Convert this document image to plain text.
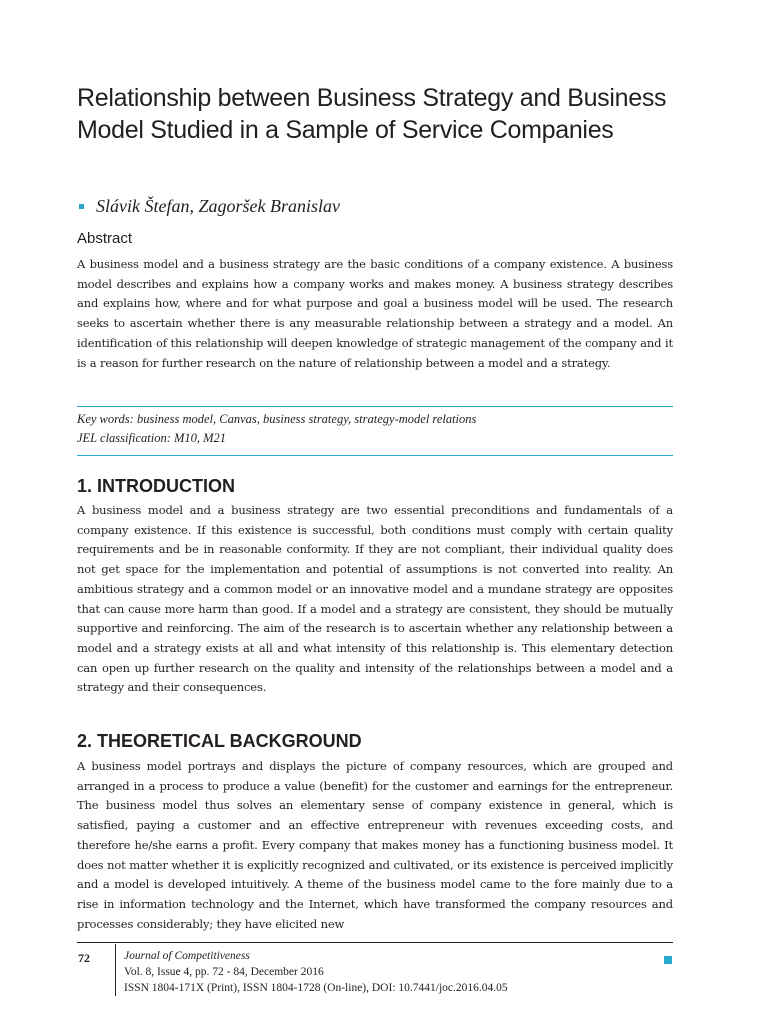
Relationship between Business Strategy and Business Model Studied in a Sample of Service Companies
Slávik Štefan, Zagoršek Branislav
Abstract

A business model and a business strategy are the basic conditions of a company existence. A business model describes and explains how a company works and makes money. A business strategy describes and explains how, where and for what purpose and goal a business model will be used. The research seeks to ascertain whether there is any measurable relationship between a strategy and a model. An identification of this relationship will deepen knowledge of strategic management of the company and it is a reason for further research on the nature of relationship between a model and a strategy.

Key words: business model, Canvas, business strategy, strategy-model relations
JEL classification: M10, M21
1. INTRODUCTION

A business model and a business strategy are two essential preconditions and fundamentals of a company existence. If this existence is successful, both conditions must comply with certain quality requirements and be in reasonable conformity. If they are not compliant, their individual quality does not get space for the implementation and potential of assumptions is not converted into reality. An ambitious strategy and a common model or an innovative model and a mundane strategy are opposites that can cause more harm than good. If a model and a strategy are consistent, they should be mutually supportive and reinforcing. The aim of the research is to ascertain whether any relationship between a model and a strategy exists at all and what intensity of this relationship is. This elementary detection can open up further research on the quality and intensity of the relationships between a model and a strategy and their consequences.

2. THEORETICAL BACKGROUND

A business model portrays and displays the picture of company resources, which are grouped and arranged in a process to produce a value (benefit) for the customer and earnings for the entrepreneur. The business model thus solves an elementary sense of company existence in general, which is satisfied, paying a customer and an effective entrepreneur with revenues exceeding costs, and therefore he/she earns a profit. Every company that makes money has a functioning business model. It does not matter whether it is explicitly recognized and cultivated, or its existence is perceived implicitly and a model is developed intuitively. A theme of the business model came to the fore mainly due to a rise in information technology and the Internet, which have transformed the company resources and processes considerably; they have elicited new

72	Journal of Competitiveness
Vol. 8, Issue 4, pp. 72 - 84, December 2016
ISSN 1804-171X (Print), ISSN 1804-1728 (On-line), DOI: 10.7441/joc.2016.04.05
